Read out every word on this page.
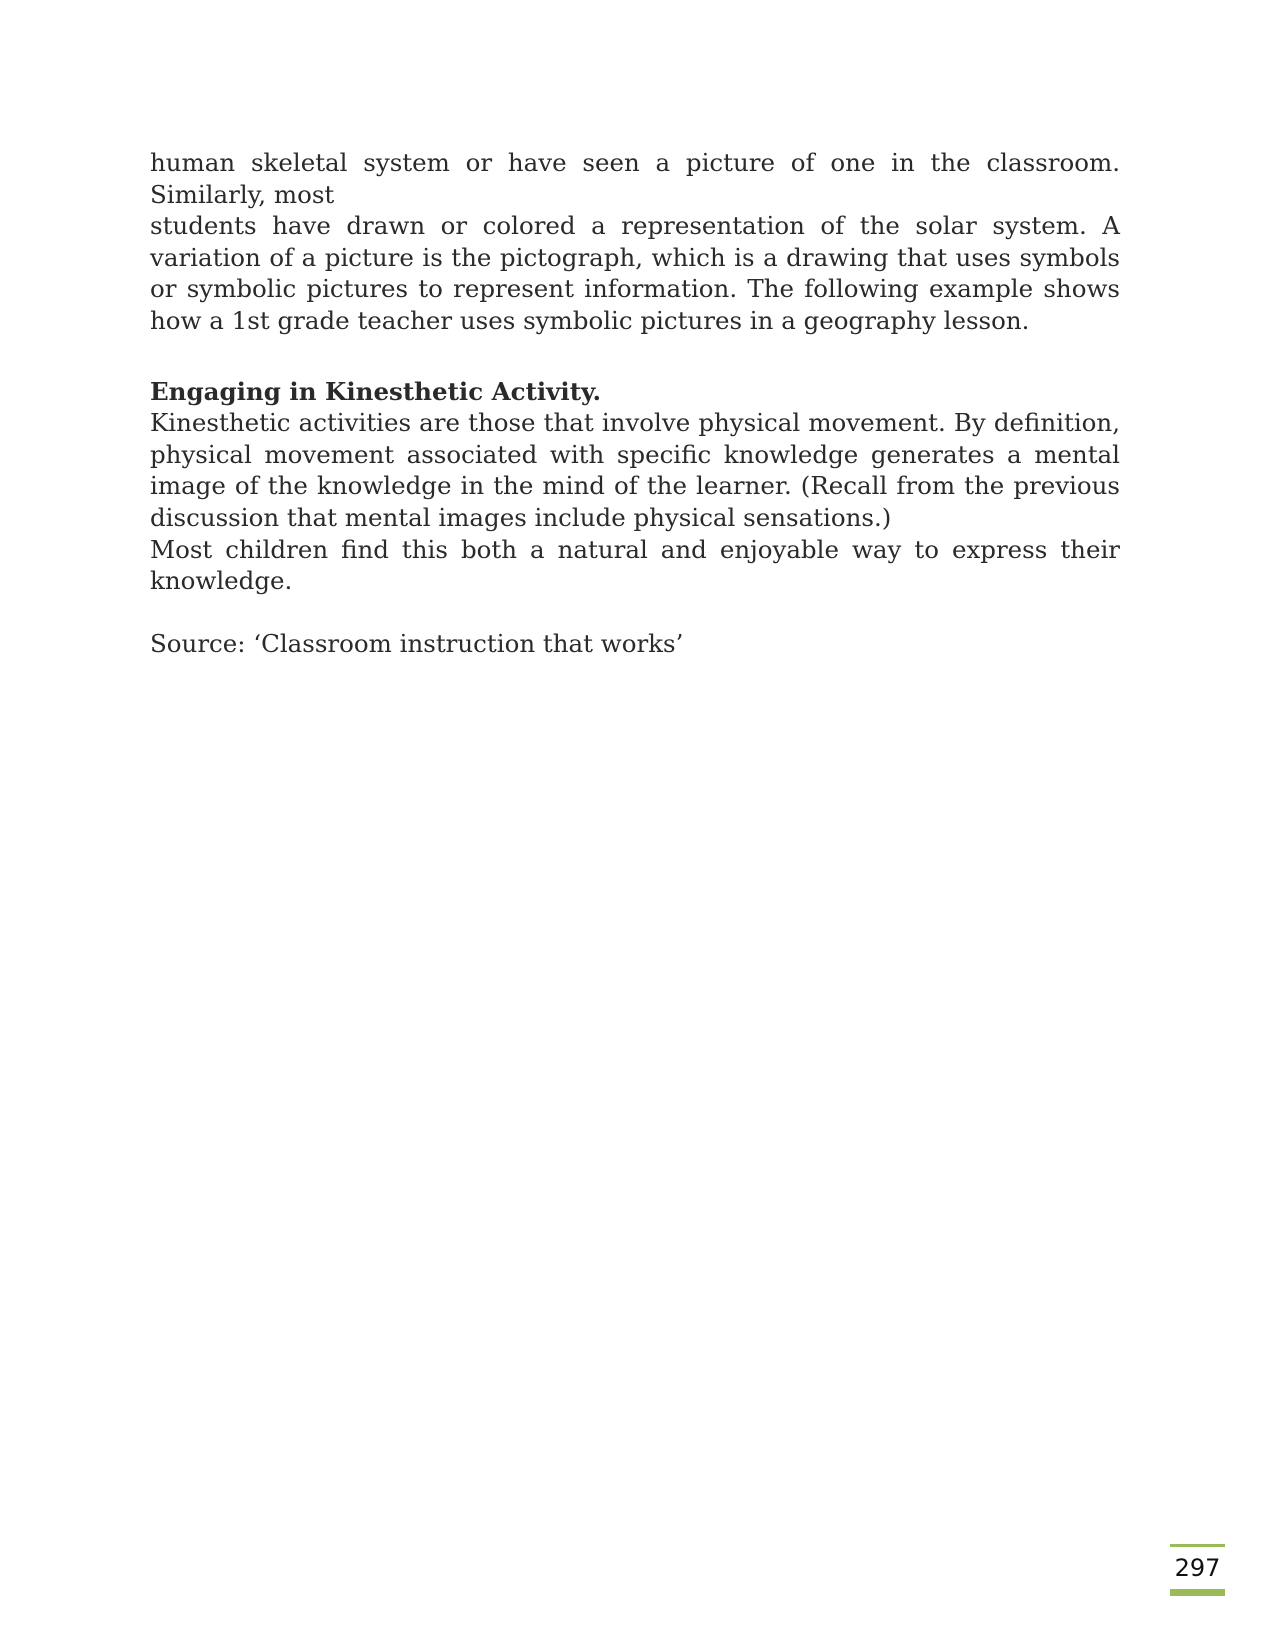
human skeletal system or have seen a picture of one in the classroom.

Similarly, most

students have drawn or colored a representation of the solar system. A variation of a picture is the pictograph, which is a drawing that uses symbols or symbolic pictures to represent information. The following example shows how a 1st grade teacher uses symbolic pictures in a geography lesson.

Engaging in Kinesthetic Activity.

Kinesthetic activities are those that involve physical movement. By definition, physical movement associated with specific knowledge generates a mental image of the knowledge in the mind of the learner. (Recall from the previous discussion that mental images include physical sensations.)

Most children find this both a natural and enjoyable way to express their knowledge.

Source: ‘Classroom instruction that works’

297
